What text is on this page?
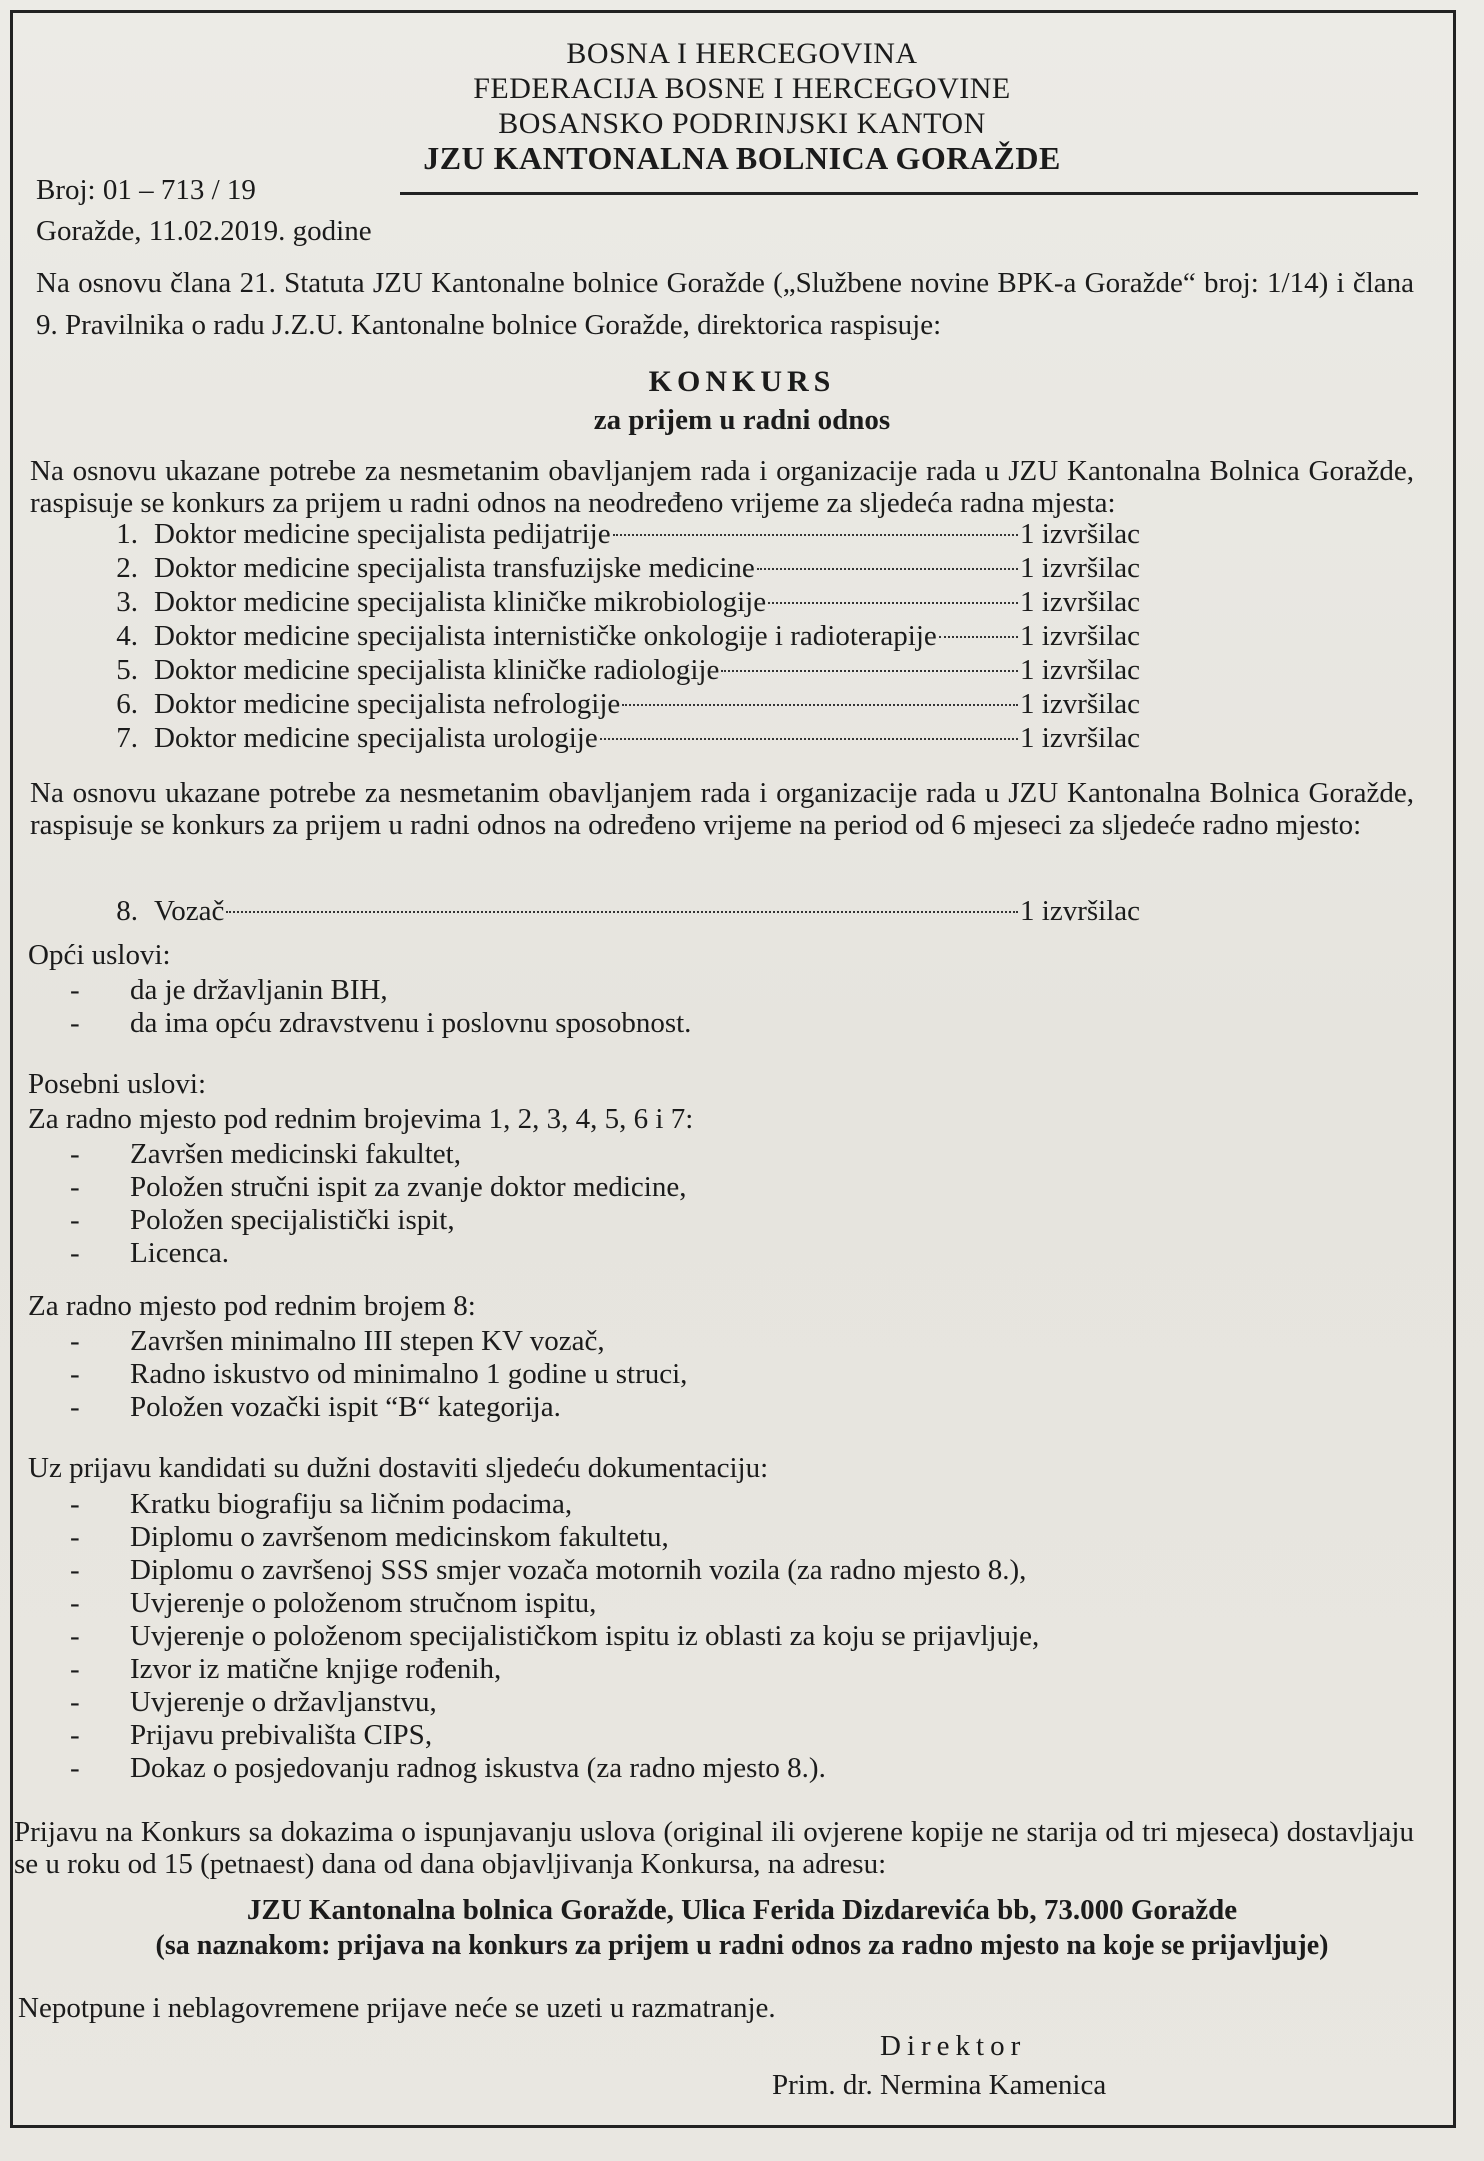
BOSNA I HERCEGOVINA
FEDERACIJA BOSNE I HERCEGOVINE
BOSANSKO PODRINJSKI KANTON
JZU KANTONALNA BOLNICA GORAŽDE
Broj: 01 – 713 / 19
Goražde, 11.02.2019. godine
Na osnovu člana 21. Statuta JZU Kantonalne bolnice Goražde („Službene novine BPK-a Goražde“ broj: 1/14) i člana 9. Pravilnika o radu J.Z.U. Kantonalne bolnice Goražde, direktorica raspisuje:
KONKURS
za prijem u radni odnos
Na osnovu ukazane potrebe za nesmetanim obavljanjem rada i organizacije rada u JZU Kantonalna Bolnica Goražde, raspisuje se konkurs za prijem u radni odnos na neodređeno vrijeme za sljedeća radna mjesta:
1. Doktor medicine specijalista pedijatrije	1 izvršilac
2. Doktor medicine specijalista transfuzijske medicine	1 izvršilac
3. Doktor medicine specijalista kliničke mikrobiologije	1 izvršilac
4. Doktor medicine specijalista internističke onkologije i radioterapije	1 izvršilac
5. Doktor medicine specijalista kliničke radiologije	1 izvršilac
6. Doktor medicine specijalista nefrologije	1 izvršilac
7. Doktor medicine specijalista urologije	1 izvršilac
Na osnovu ukazane potrebe za nesmetanim obavljanjem rada i organizacije rada u JZU Kantonalna Bolnica Goražde, raspisuje se konkurs za prijem u radni odnos na određeno vrijeme na period od 6 mjeseci za sljedeće radno mjesto:
8. Vozač	1 izvršilac
Opći uslovi:
-	da je državljanin BIH,
-	da ima opću zdravstvenu i poslovnu sposobnost.
Posebni uslovi:
Za radno mjesto pod rednim brojevima 1, 2, 3, 4, 5, 6 i 7:
-	Završen medicinski fakultet,
-	Položen stručni ispit za zvanje doktor medicine,
-	Položen specijalistički ispit,
-	Licenca.
Za radno mjesto pod rednim brojem 8:
-	Završen minimalno III stepen KV vozač,
-	Radno iskustvo od minimalno 1 godine u struci,
-	Položen vozački ispit “B“ kategorija.
Uz prijavu kandidati su dužni dostaviti sljedeću dokumentaciju:
-	Kratku biografiju sa ličnim podacima,
-	Diplomu o završenom medicinskom fakultetu,
-	Diplomu o završenoj SSS smjer vozača motornih vozila (za radno mjesto 8.),
-	Uvjerenje o položenom stručnom ispitu,
-	Uvjerenje o položenom specijalističkom ispitu iz oblasti za koju se prijavljuje,
-	Izvor iz matične knjige rođenih,
-	Uvjerenje o državljanstvu,
-	Prijavu prebivališta CIPS,
-	Dokaz o posjedovanju radnog iskustva (za radno mjesto 8.).
Prijavu na Konkurs sa dokazima o ispunjavanju uslova (original ili ovjerene kopije ne starija od tri mjeseca) dostavljaju se u roku od 15 (petnaest) dana od dana objavljivanja Konkursa, na adresu:
JZU Kantonalna bolnica Goražde, Ulica Ferida Dizdarevića bb, 73.000 Goražde
(sa naznakom: prijava na konkurs za prijem u radni odnos za radno mjesto na koje se prijavljuje)
Nepotpune i neblagovremene prijave neće se uzeti u razmatranje.
Direktor
Prim. dr. Nermina Kamenica
